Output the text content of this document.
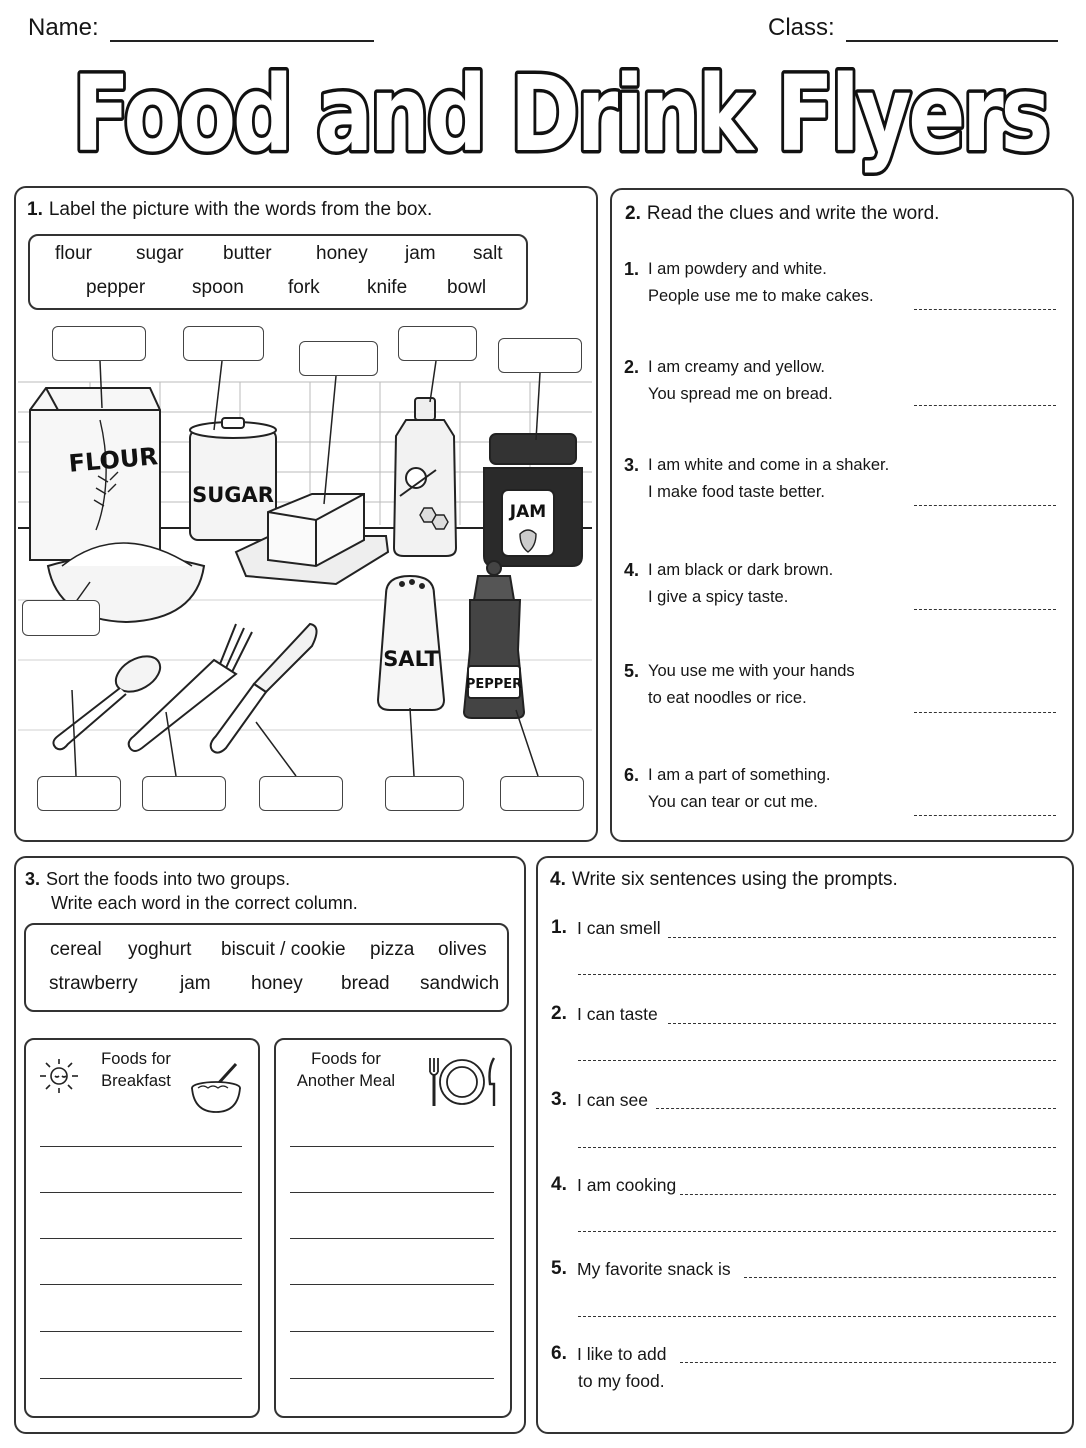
Name:	Class:
Food and Drink Flyers
1. Label the picture with the words from the box.
flour sugar butter honey jam salt
pepper spoon fork knife bowl
FLOUR
SUGAR
JAM
SALT
PEPPER
2. Read the clues and write the word.
1. I am powdery and white.
People use me to make cakes.
2. I am creamy and yellow.
You spread me on bread.
3. I am white and come in a shaker.
I make food taste better.
4. I am black or dark brown.
I give a spicy taste.
5. You use me with your hands
to eat noodles or rice.
6. I am a part of something.
You can tear or cut me.
3. Sort the foods into two groups.
Write each word in the correct column.
cereal yoghurt biscuit / cookie pizza olives
strawberry jam honey bread sandwich
Foods for
Breakfast
Foods for
Another Meal
4. Write six sentences using the prompts.
1. I can smell
2. I can taste
3. I can see
4. I am cooking
5. My favorite snack is
6. I like to add
to my food.
